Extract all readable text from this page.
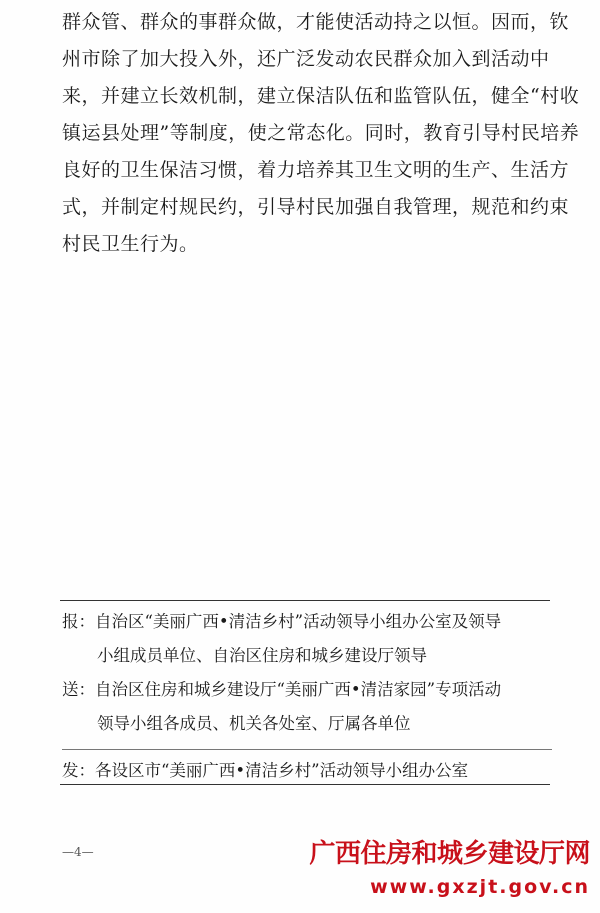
群众管、群众的事群众做，才能使活动持之以恒。因而，钦
州市除了加大投入外，还广泛发动农民群众加入到活动中
来，并建立长效机制，建立保洁队伍和监管队伍，健全“村收
镇运县处理”等制度，使之常态化。同时，教育引导村民培养
良好的卫生保洁习惯，着力培养其卫生文明的生产、生活方
式，并制定村规民约，引导村民加强自我管理，规范和约束
村民卫生行为。
报：自治区“美丽广西•清洁乡村”活动领导小组办公室及领导
小组成员单位、自治区住房和城乡建设厅领导
送：自治区住房和城乡建设厅“美丽广西•清洁家园”专项活动
领导小组各成员、机关各处室、厅属各单位
发：各设区市“美丽广西•清洁乡村”活动领导小组办公室
—4—	广西住房和城乡建设厅网
www.gxzjt.gov.cn
